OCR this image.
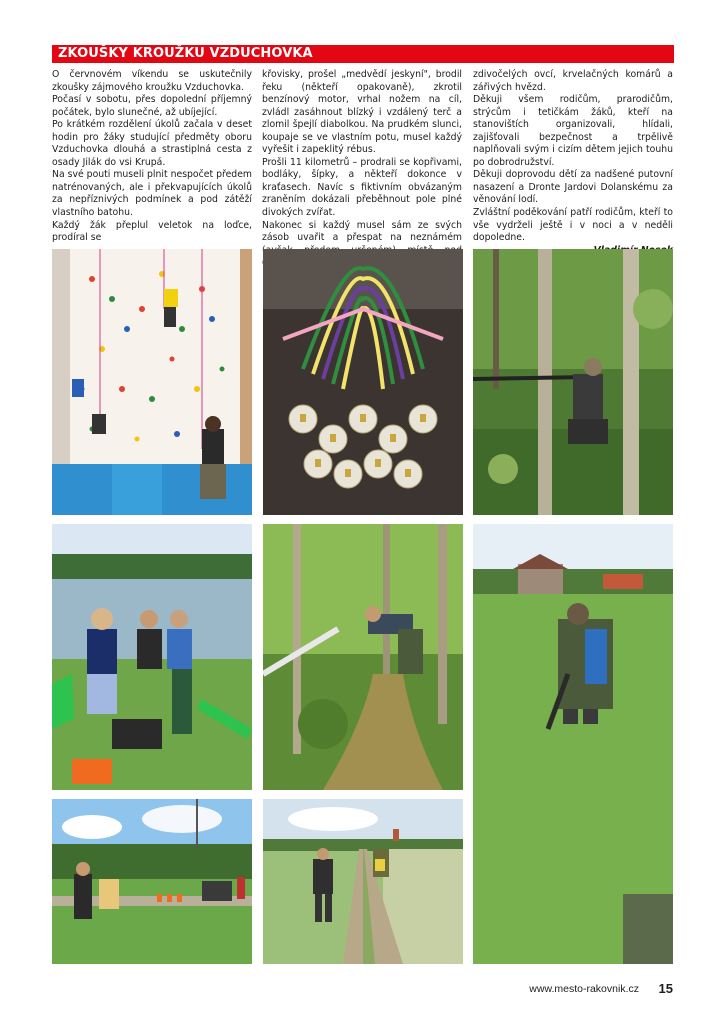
ZKOUŠKY KROUŽKU VZDUCHOVKA

O červnovém víkendu se uskutečnily zkoušky zájmového kroužku Vzduchovka.

Počasí v sobotu, přes dopolední příjemný počátek, bylo slunečné, až ubíjející.

Po krátkém rozdělení úkolů začala v deset hodin pro žáky studující předměty oboru Vzduchovka dlouhá a strastiplná cesta z osady Jilák do vsi Krupá.

Na své pouti museli plnit nespočet předem natrénovaných, ale i překvapujících úkolů za nepříznivých podmínek a pod zátěží vlastního batohu.

Každý žák přeplul veletok na loďce, prodíral se

křovisky, prošel „medvědí jeskyní", brodil řeku (někteří opakovaně), zkrotil benzínový motor, vrhal nožem na cíl, zvládl zasáhnout blízký i vzdálený terč a zlomil špejlí diabolkou. Na prudkém slunci, koupaje se ve vlastním potu, musel každý vyřešit i zapeklitý rébus.

Prošli 11 kilometrů – prodrali se kopřivami, bodláky, šípky, a někteří dokonce v kraťasech. Navíc s fiktivním obvázaným zraněním dokázali přeběhnout pole plné divokých zvířat.

Nakonec si každý musel sám ze svých zásob uvařit a přespat na neznámém

zdivočelých ovcí, krvelačných komárů a zářivých hvězd.

Děkuji všem rodičům, prarodičům, strýcům i tetičkám žáků, kteří na stanovištích organizovali, hlídali, zajišťovali bezpečnost a trpělivě naplňovali svým i cizím dětem jejich touhu po dobrodružství.

Děkuji doprovodu dětí za nadšené putovní nasazení a Dronte Jardovi Dolanskému za věnování lodí.

Zvláštní poděkování patří rodičům, kteří to vše vydrželi ještě i v noci a v neděli dopoledne.

www.mesto-rakovnik.cz 15
